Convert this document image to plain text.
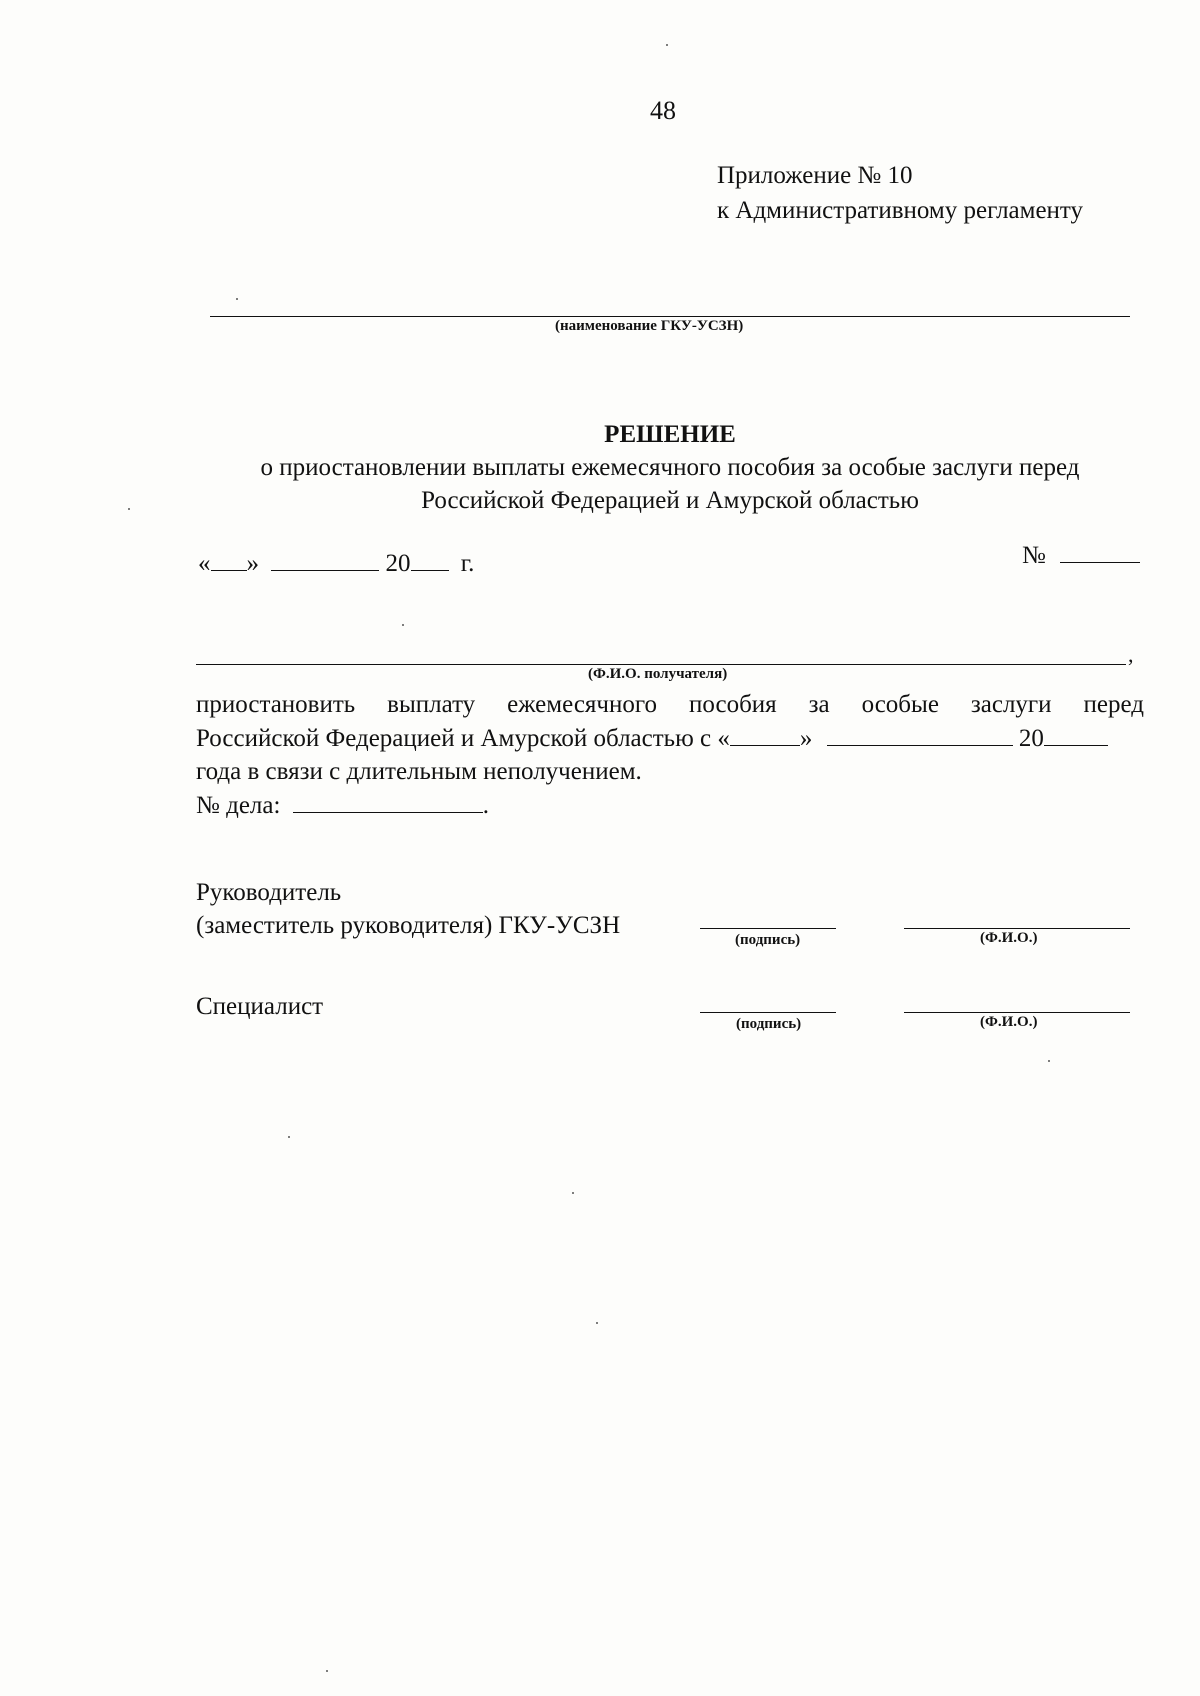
48
Приложение № 10
к Административному регламенту
(наименование ГКУ-УСЗН)
РЕШЕНИЕ
о приостановлении выплаты ежемесячного пособия за особые заслуги перед
Российской Федерацией и Амурской областью
« »	20 г.	№
,
(Ф.И.О. получателя)
приостановить выплату ежемесячного пособия за особые заслуги перед
Российской Федерацией и Амурской областью с «	»	20
года в связи с длительным неполучением.
№ дела:	.
Руководитель
(заместитель руководителя) ГКУ-УСЗН
(подпись)	(Ф.И.О.)
Специалист
(подпись)	(Ф.И.О.)
